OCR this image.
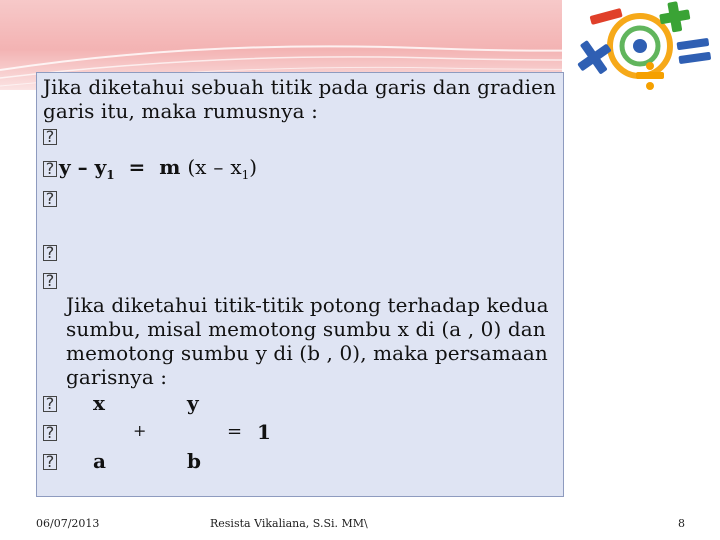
Jika diketahui sebuah titik pada garis dan gradien
garis itu, maka rumusnya :
?
? $y - y_1 = m$ $(x - x_1)$
?
?
?
Jika diketahui titik-titik potong terhadap kedua
sumbu, misal memotong sumbu x di (a , 0) dan
memotong sumbu y di (b , 0), maka persamaan
garisnya :
? x	y
?	+	= 1
? a	b
06/07/2013	Resista Vikaliana, S.Si. MM\	8
